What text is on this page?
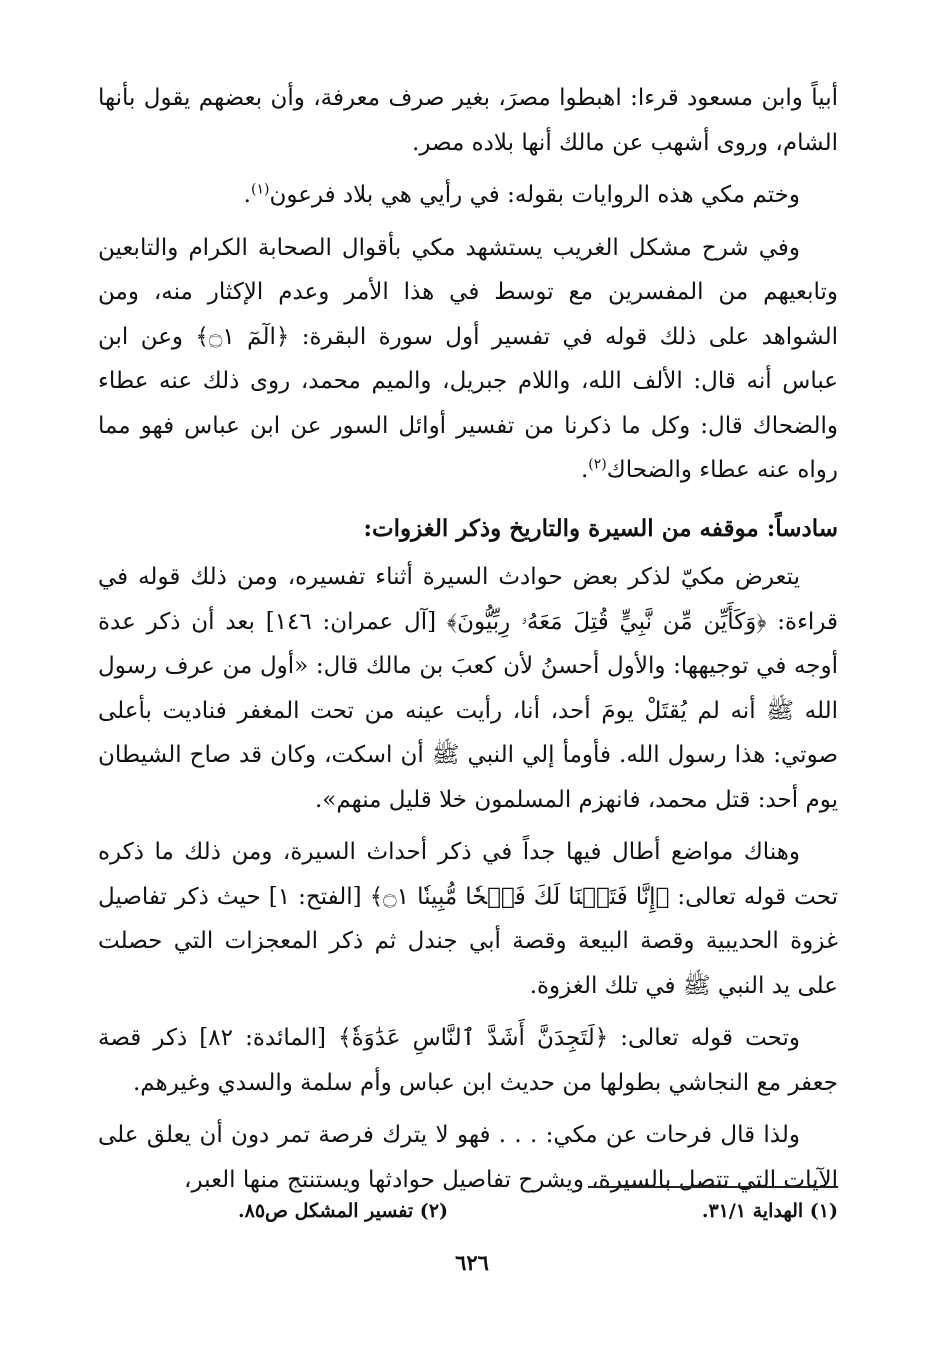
أبياً وابن مسعود قرءا: اهبطوا مصرَ، بغير صرف معرفة، وأن بعضهم يقول بأنها الشام، وروى أشهب عن مالك أنها بلاده مصر.

وختم مكي هذه الروايات بقوله: في رأيي هي بلاد فرعون$^{(١)}$.

وفي شرح مشكل الغريب يستشهد مكي بأقوال الصحابة الكرام والتابعين وتابعيهم من المفسرين مع توسط في هذا الأمر وعدم الإكثار منه، ومن الشواهد على ذلك قوله في تفسير أول سورة البقرة: ﴿الٓمٓ ۝١﴾ وعن ابن عباس أنه قال: الألف الله، واللام جبريل، والميم محمد، روى ذلك عنه عطاء والضحاك قال: وكل ما ذكرنا من تفسير أوائل السور عن ابن عباس فهو مما رواه عنه عطاء والضحاك$^{(٢)}$.

سادساً: موقفه من السيرة والتاريخ وذكر الغزوات:

يتعرض مكيّ لذكر بعض حوادث السيرة أثناء تفسيره، ومن ذلك قوله في قراءة: ﴿وَكَأَيِّن مِّن نَّبِيٍّ قُتِلَ مَعَهُۥ رِبِّيُّونَ﴾ [آل عمران: ١٤٦] بعد أن ذكر عدة أوجه في توجيهها: والأول أحسنُ لأن كعبَ بن مالك قال: «أول من عرف رسول الله ﷺ أنه لم يُقتَلْ يومَ أحد، أنا، رأيت عينه من تحت المغفر فناديت بأعلى صوتي: هذا رسول الله. فأومأ إلي النبي ﷺ أن اسكت، وكان قد صاح الشيطان يوم أحد: قتل محمد، فانهزم المسلمون خلا قليل منهم».

وهناك مواضع أطال فيها جداً في ذكر أحداث السيرة، ومن ذلك ما ذكره تحت قوله تعالى: ﴿إِنَّا فَتَحۡنَا لَكَ فَتۡحٗا مُّبِينٗا ۝١﴾ [الفتح: ١] حيث ذكر تفاصيل غزوة الحديبية وقصة البيعة وقصة أبي جندل ثم ذكر المعجزات التي حصلت على يد النبي ﷺ في تلك الغزوة.

وتحت قوله تعالى: ﴿لَتَجِدَنَّ أَشَدَّ ٱلنَّاسِ عَدَٰوَةٗ﴾ [المائدة: ٨٢] ذكر قصة جعفر مع النجاشي بطولها من حديث ابن عباس وأم سلمة والسدي وغيرهم.

ولذا قال فرحات عن مكي: . . . فهو لا يترك فرصة تمر دون أن يعلق على الآيات التي تتصل بالسيرة، ويشرح تفاصيل حوادثها ويستنتج منها العبر،

(١) الهداية ٣١/١.
(٢) تفسير المشكل ص٨٥.
٦٢٦
